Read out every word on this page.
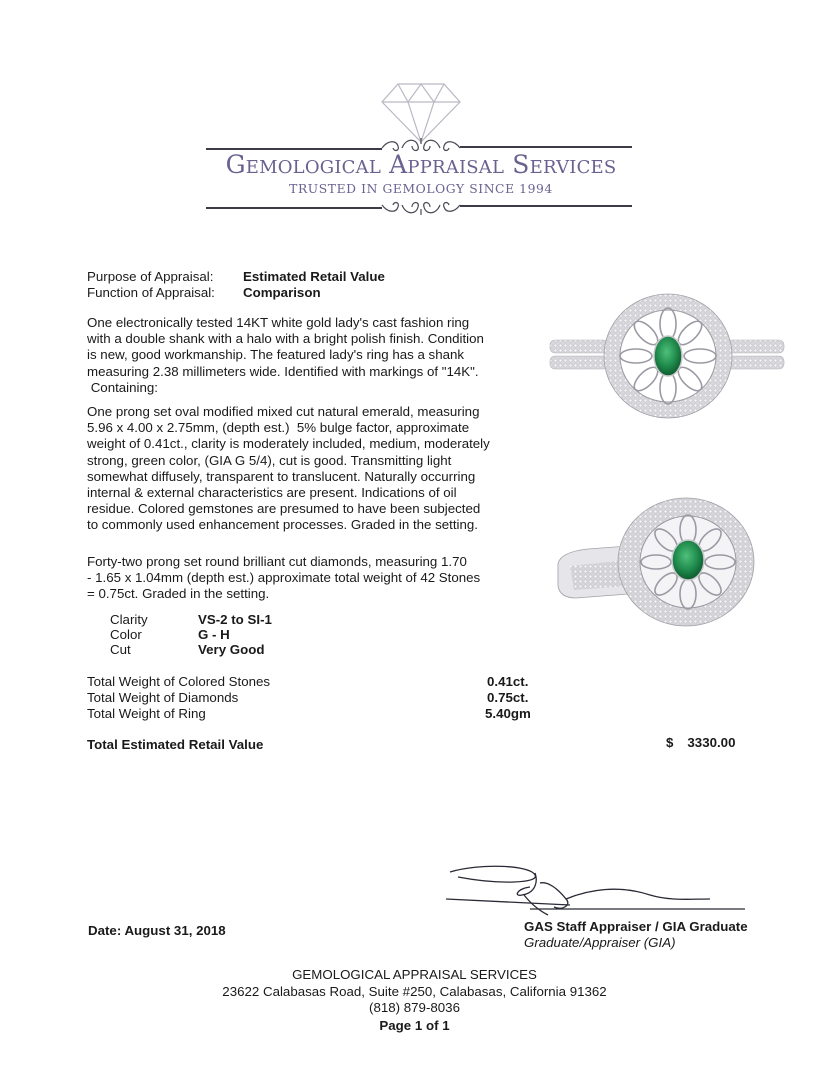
Gemological Appraisal Services
TRUSTED IN GEMOLOGY SINCE 1994
Purpose of Appraisal: Estimated Retail Value
Function of Appraisal: Comparison
One electronically tested 14KT white gold lady's cast fashion ring
with a double shank with a halo with a bright polish finish. Condition
is new, good workmanship. The featured lady's ring has a shank
measuring 2.38 millimeters wide. Identified with markings of "14K".
Containing:
One prong set oval modified mixed cut natural emerald, measuring
5.96 x 4.00 x 2.75mm, (depth est.)  5% bulge factor, approximate
weight of 0.41ct., clarity is moderately included, medium, moderately
strong, green color, (GIA G 5/4), cut is good. Transmitting light
somewhat diffusely, transparent to translucent. Naturally occurring
internal & external characteristics are present. Indications of oil
residue. Colored gemstones are presumed to have been subjected
to commonly used enhancement processes. Graded in the setting.
Forty-two prong set round brilliant cut diamonds, measuring 1.70
- 1.65 x 1.04mm (depth est.) approximate total weight of 42 Stones
= 0.75ct. Graded in the setting.
Clarity	VS-2 to SI-1
Color	G - H
Cut	Very Good
Total Weight of Colored Stones	0.41ct.
Total Weight of Diamonds	0.75ct.
Total Weight of Ring	5.40gm
Total Estimated Retail Value	$ 3330.00
GAS Staff Appraiser / GIA Graduate
Graduate/Appraiser (GIA)
Date: August 31, 2018
GEMOLOGICAL APPRAISAL SERVICES
23622 Calabasas Road, Suite #250, Calabasas, California 91362
(818) 879-8036
Page 1 of 1
